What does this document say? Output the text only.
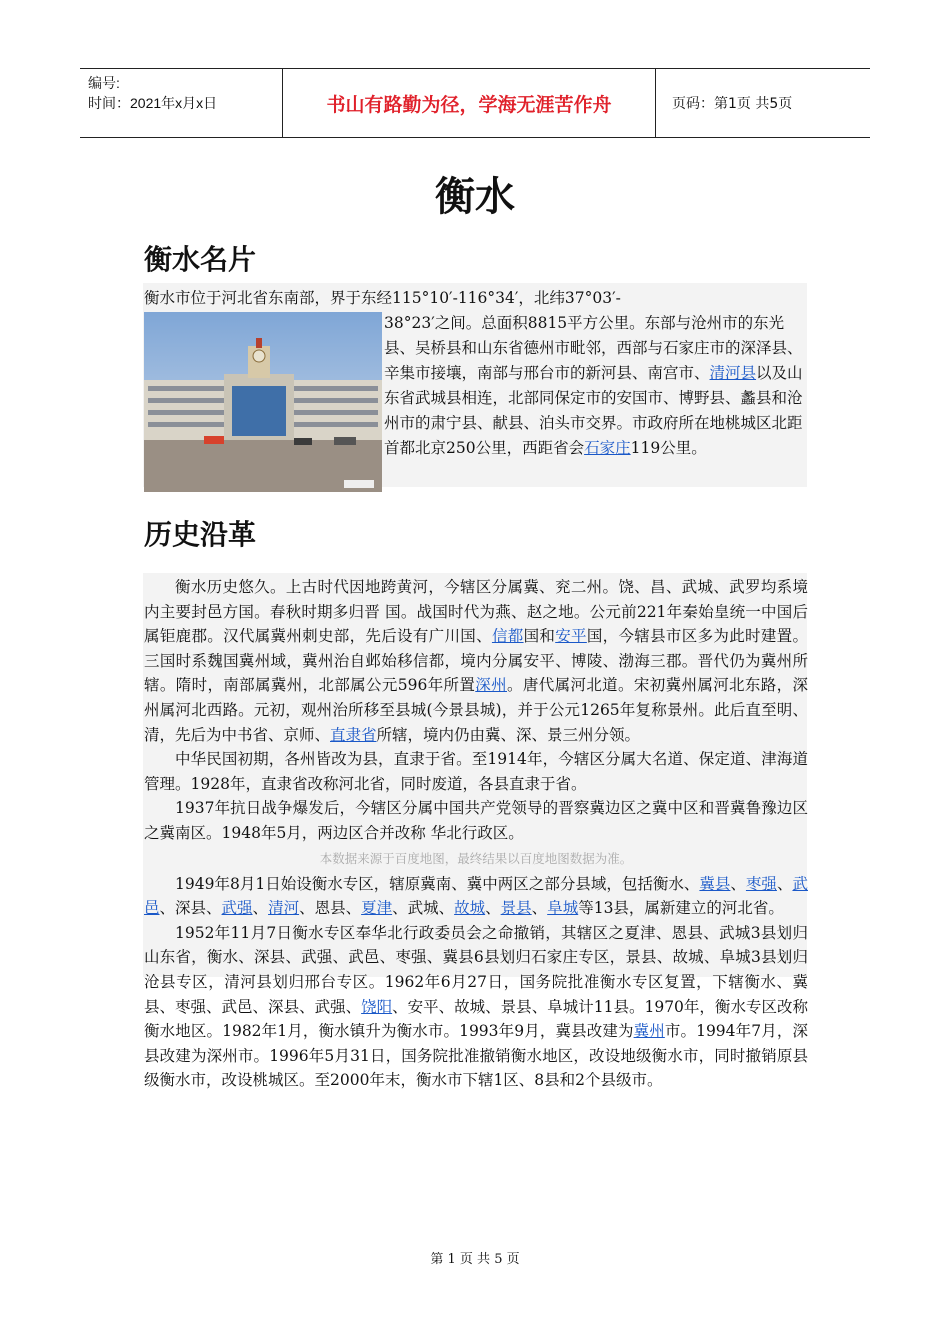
编号:
时间：2021年x月x日	书山有路勤为径，学海无涯苦作舟	页码：第1页 共5页
衡水
衡水名片
衡水市位于河北省东南部，界于东经115°10′-116°34′，北纬37°03′-
38°23′之间。总面积8815平方公里。东部与沧州市的东光县、吴桥县和山东省德州市毗邻，西部与石家庄市的深泽县、辛集市接壤，南部与邢台市的新河县、南宫市、清河县以及山东省武城县相连，北部同保定市的安国市、博野县、蠡县和沧州市的肃宁县、献县、泊头市交界。市政府所在地桃城区北距首都北京250公里，西距省会石家庄119公里。
历史沿革

衡水历史悠久。上古时代因地跨黄河，今辖区分属冀、兖二州。饶、昌、武城、武罗均系境内主要封邑方国。春秋时期多归晋 国。战国时代为燕、赵之地。公元前221年秦始皇统一中国后属钜鹿郡。汉代属冀州刺史部，先后设有广川国、信都国和安平国，今辖县市区多为此时建置。三国时系魏国冀州域，冀州治自邺始移信都，境内分属安平、博陵、渤海三郡。晋代仍为冀州所辖。隋时，南部属冀州，北部属公元596年所置深州。唐代属河北道。宋初冀州属河北东路，深州属河北西路。元初，观州治所移至县城(今景县城)，并于公元1265年复称景州。此后直至明、清，先后为中书省、京师、直隶省所辖，境内仍由冀、深、景三州分领。

中华民国初期，各州皆改为县，直隶于省。至1914年，今辖区分属大名道、保定道、津海道管理。1928年，直隶省改称河北省，同时废道，各县直隶于省。

1937年抗日战争爆发后，今辖区分属中国共产党领导的晋察冀边区之冀中区和晋冀鲁豫边区之冀南区。1948年5月，两边区合并改称 华北行政区。

本数据来源于百度地图，最终结果以百度地图数据为准。

1949年8月1日始设衡水专区，辖原冀南、冀中两区之部分县域，包括衡水、冀县、枣强、武邑、深县、武强、清河、恩县、夏津、武城、故城、景县、阜城等13县，属新建立的河北省。

1952年11月7日衡水专区奉华北行政委员会之命撤销，其辖区之夏津、恩县、武城3县划归山东省，衡水、深县、武强、武邑、枣强、冀县6县划归石家庄专区，景县、故城、阜城3县划归沧县专区，清河县划归邢台专区。1962年6月27日，国务院批准衡水专区复置，下辖衡水、冀县、枣强、武邑、深县、武强、饶阳、安平、故城、景县、阜城计11县。1970年，衡水专区改称衡水地区。1982年1月，衡水镇升为衡水市。1993年9月，冀县改建为冀州市。1994年7月，深县改建为深州市。1996年5月31日，国务院批准撤销衡水地区，改设地级衡水市，同时撤销原县级衡水市，改设桃城区。至2000年末，衡水市下辖1区、8县和2个县级市。

第 1 页 共 5 页
